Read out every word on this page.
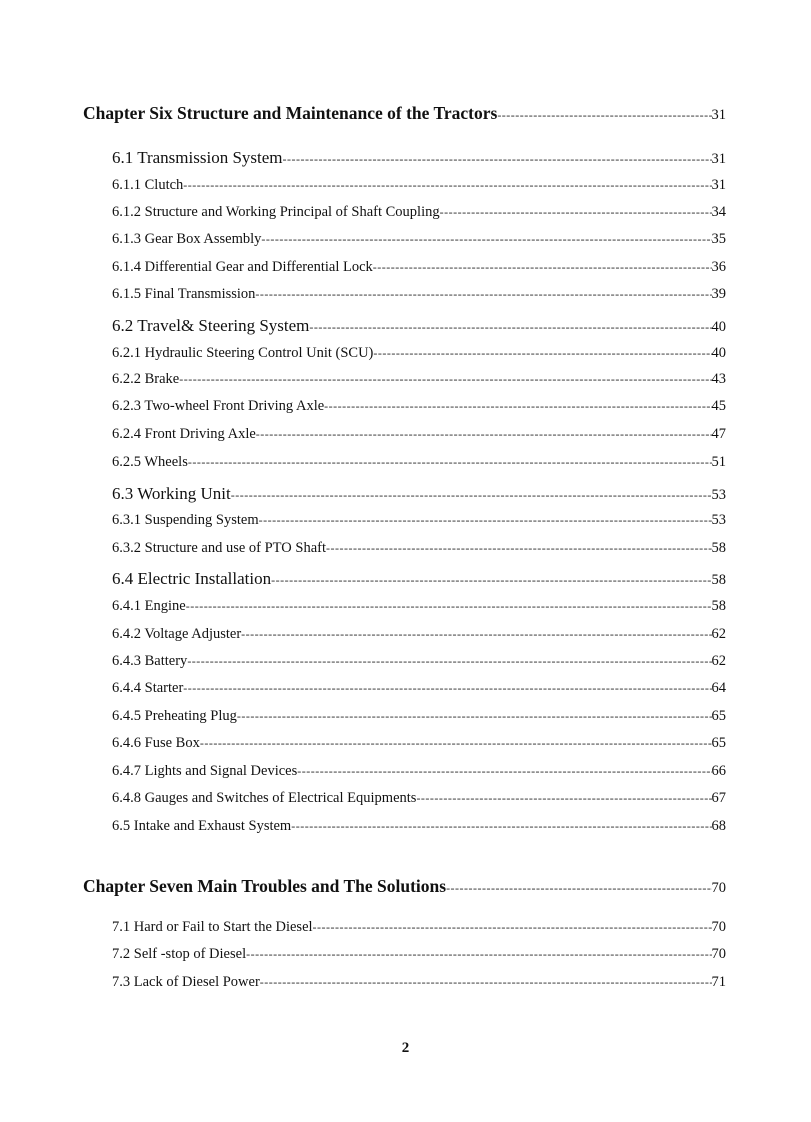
Chapter Six Structure and Maintenance of the Tractors -----	31
6.1 Transmission System -----	31
6.1.1 Clutch -----	31
6.1.2 Structure and Working Principal of Shaft Coupling -----	34
6.1.3 Gear Box Assembly -----	35
6.1.4 Differential Gear and Differential Lock -----	36
6.1.5 Final Transmission -----	39
6.2 Travel& Steering System -----	40
6.2.1 Hydraulic Steering Control Unit (SCU) -----	40
6.2.2 Brake -----	43
6.2.3 Two-wheel Front Driving Axle -----	45
6.2.4 Front Driving Axle -----	47
6.2.5 Wheels -----	51
6.3 Working Unit -----	53
6.3.1 Suspending System -----	53
6.3.2 Structure and use of PTO Shaft -----	58
6.4 Electric Installation -----	58
6.4.1 Engine -----	58
6.4.2 Voltage Adjuster -----	62
6.4.3 Battery -----	62
6.4.4 Starter -----	64
6.4.5 Preheating Plug -----	65
6.4.6 Fuse Box -----	65
6.4.7 Lights and Signal Devices -----	66
6.4.8 Gauges and Switches of Electrical Equipments -----	67
6.5 Intake and Exhaust System -----	68
Chapter Seven Main Troubles and The Solutions -----	70
7.1 Hard or Fail to Start the Diesel -----	70
7.2 Self -stop of Diesel -----	70
7.3 Lack of Diesel Power -----	71
2
